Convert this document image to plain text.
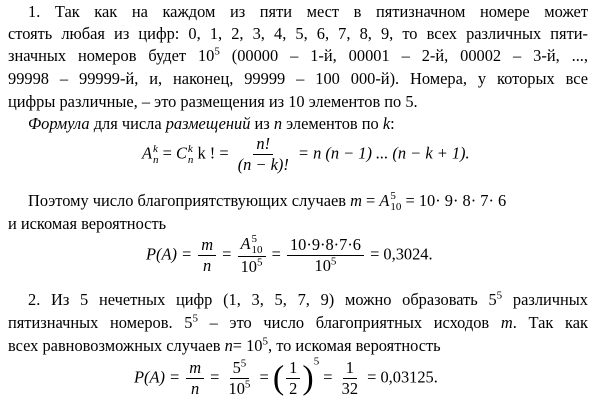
1. Так как на каждом из пяти мест в пятизначном номере может
стоять любая из цифр: 0, 1, 2, 3, 4, 5, 6, 7, 8, 9, то всех различных пяти-
значных номеров будет $10^5$ (00000 – 1-й, 00001 – 2-й, 00002 – 3-й, ...,
99998 – 99999-й, и, наконец, 99999 – 100 000-й). Номера, у которых все
цифры различные, – это размещения из 10 элементов по 5.
Формула для числа размещений из n элементов по k:
A k
n = C k
n k ! = $\frac{n!}{(n - k)!} = n$ (n − 1) ... (n − k + 1).
Поэтому число благоприятствующих случаев m = A 5
10 = 10· 9· 8· 7· 6
и искомая вероятность
$P(A) = \frac{m}{n} = A$ 5
10
$10^5 = \frac{10\cdot 9\cdot 8\cdot 7\cdot 6}{10^5} = 0,3024$.
2. Из 5 нечетных цифр (1, 3, 5, 7, 9) можно образовать $5^5$ различных
пятизначных номеров. $5^5$ – это число благоприятных исходов m. Так как
всех равновозможных случаев $n= 10^5$, то искомая вероятность
$P(A) = \frac{m}{n} = \frac{5^5}{10^5}$ = ( $\frac{1}{2} )^5 = \frac{1}{32} = 0,03125$.
